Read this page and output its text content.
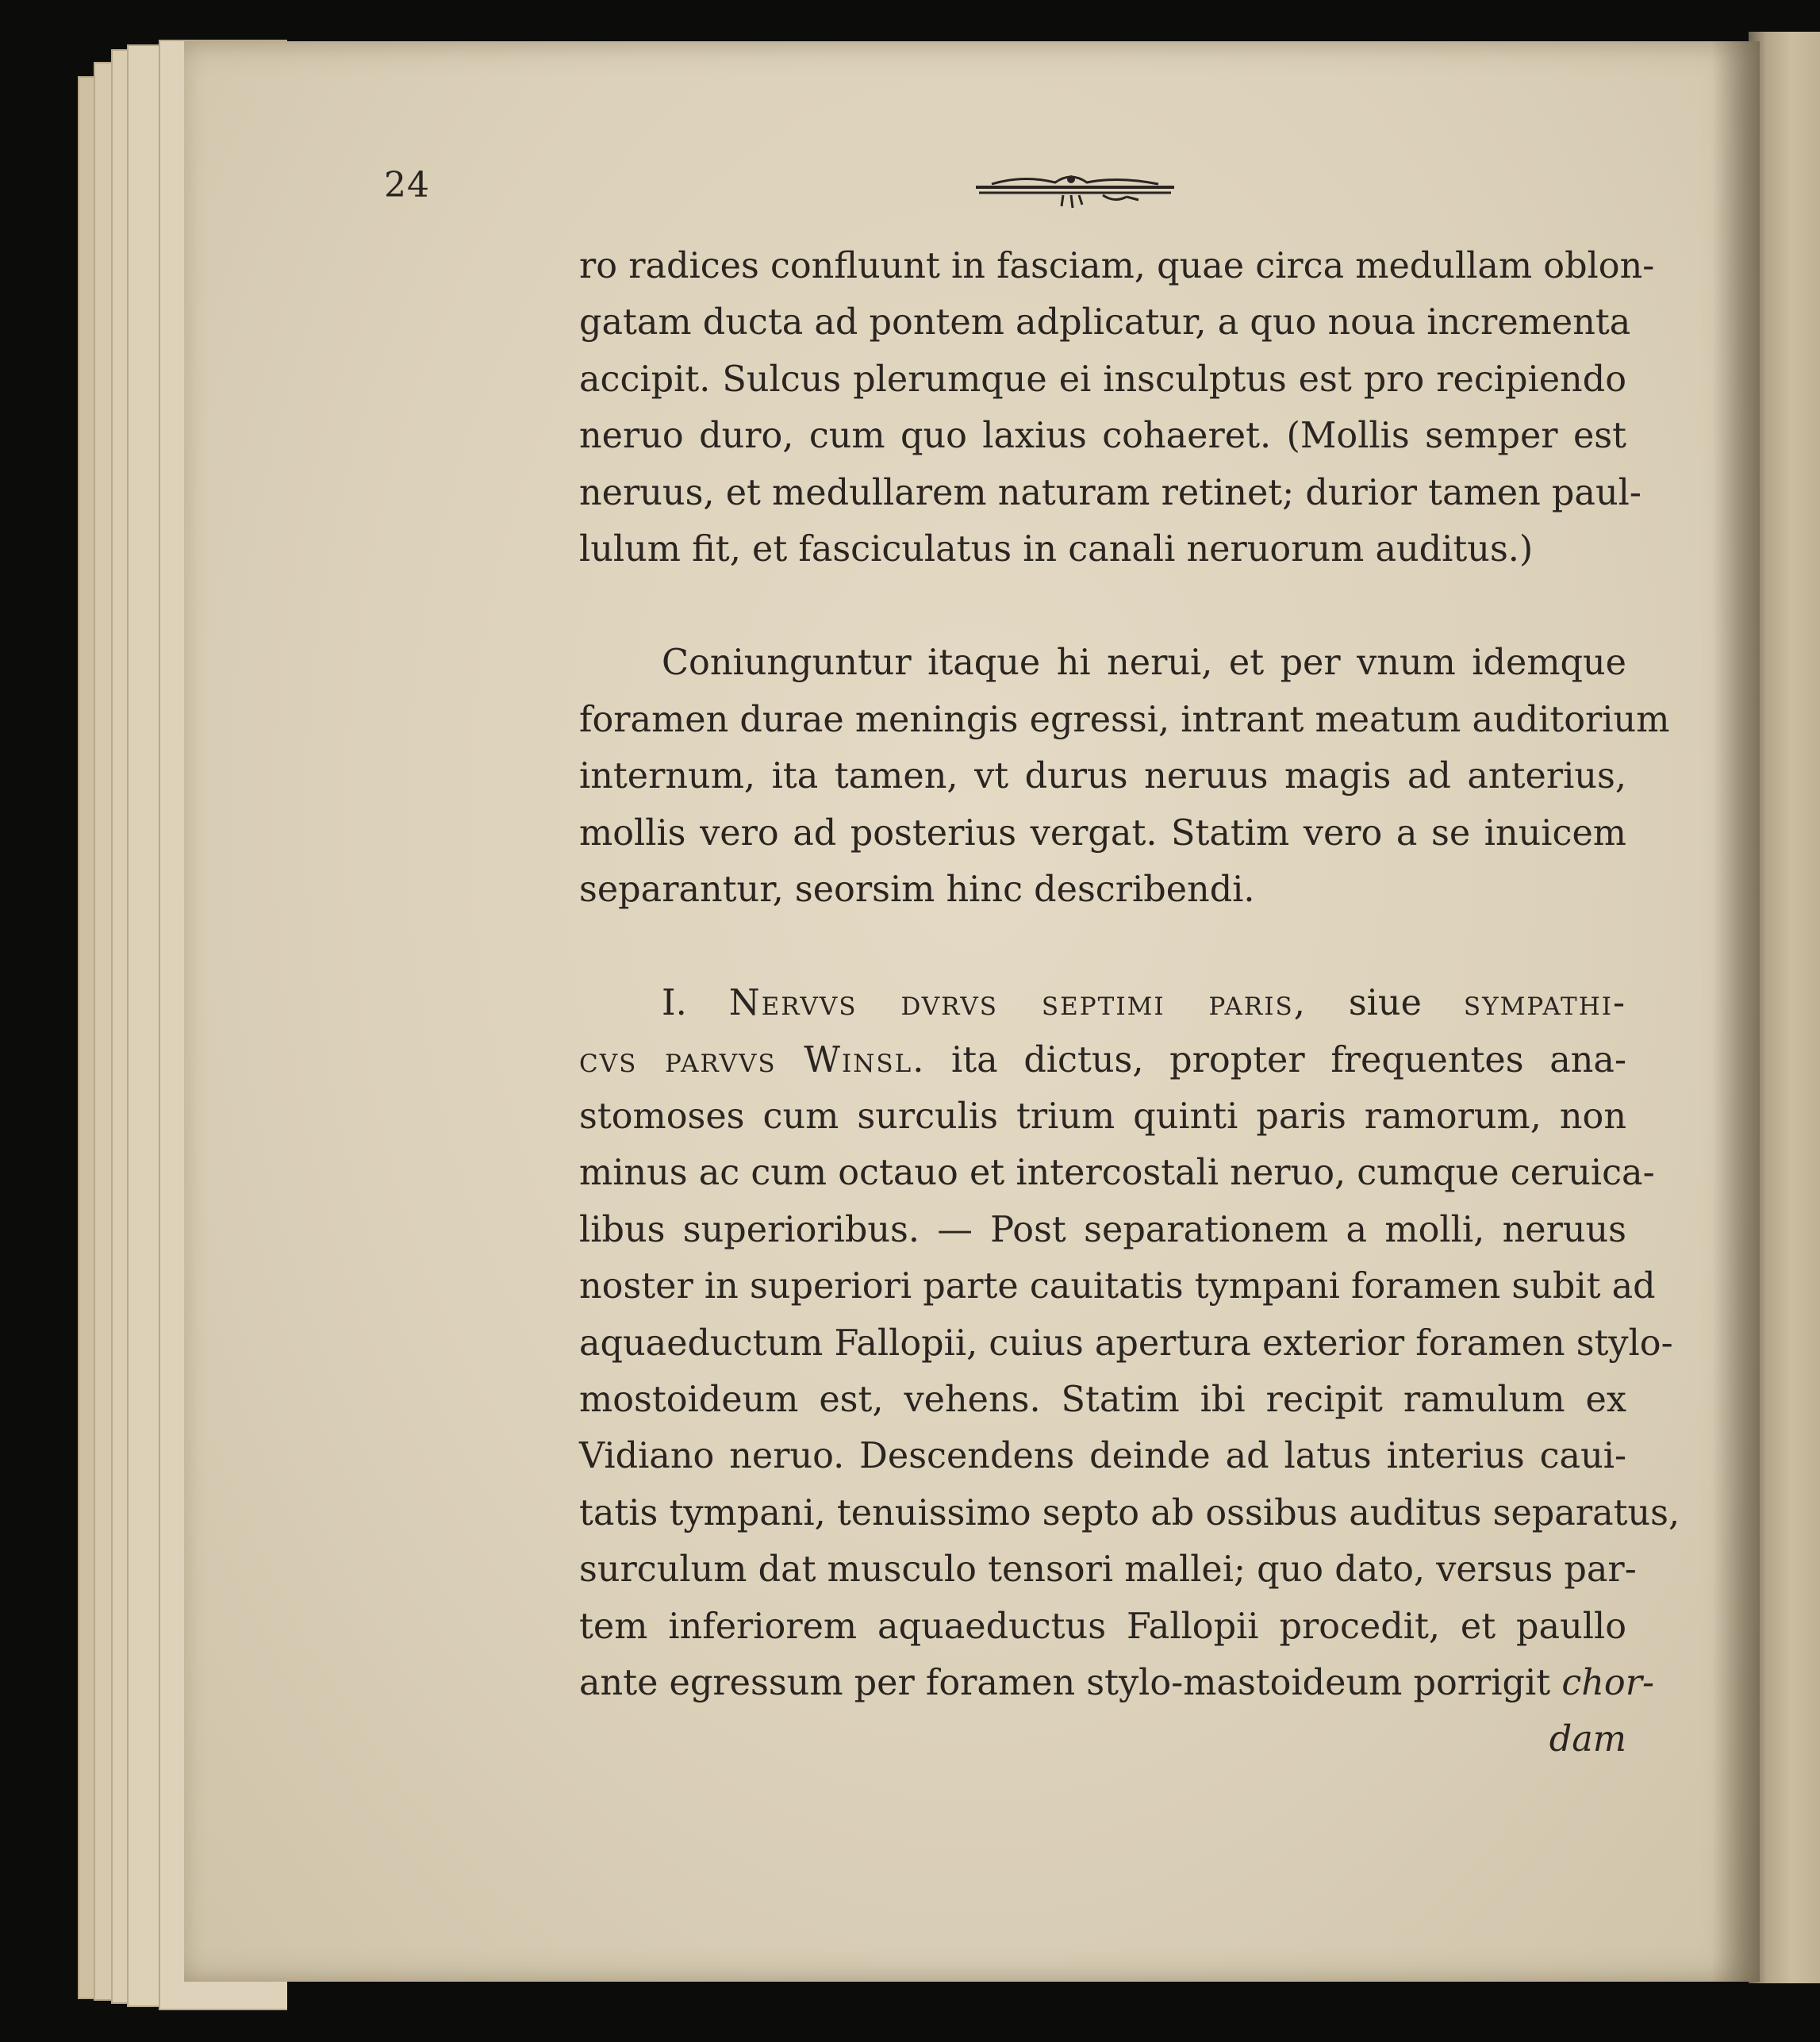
24
ro radices confluunt in fasciam, quae circa medullam oblon-
gatam ducta ad pontem adplicatur, a quo noua incrementa
accipit. Sulcus plerumque ei insculptus est pro recipiendo
neruo duro, cum quo laxius cohaeret. (Mollis semper est
neruus, et medullarem naturam retinet; durior tamen paul-
lulum fit, et fasciculatus in canali neruorum auditus.)
Coniunguntur itaque hi nerui, et per vnum idemque
foramen durae meningis egressi, intrant meatum auditorium
internum, ita tamen, vt durus neruus magis ad anterius,
mollis vero ad posterius vergat. Statim vero a se inuicem
separantur, seorsim hinc describendi.
I. Nervvs dvrvs septimi paris, siue sympathi-
cvs parvvs Winsl. ita dictus, propter frequentes ana-
stomoses cum surculis trium quinti paris ramorum, non
minus ac cum octauo et intercostali neruo, cumque ceruica-
libus superioribus. — Post separationem a molli, neruus
noster in superiori parte cauitatis tympani foramen subit ad
aquaeductum Fallopii, cuius apertura exterior foramen stylo-
mostoideum est, vehens. Statim ibi recipit ramulum ex
Vidiano neruo. Descendens deinde ad latus interius caui-
tatis tympani, tenuissimo septo ab ossibus auditus separatus,
surculum dat musculo tensori mallei; quo dato, versus par-
tem inferiorem aquaeductus Fallopii procedit, et paullo
ante egressum per foramen stylo-mastoideum porrigit chor-
dam
